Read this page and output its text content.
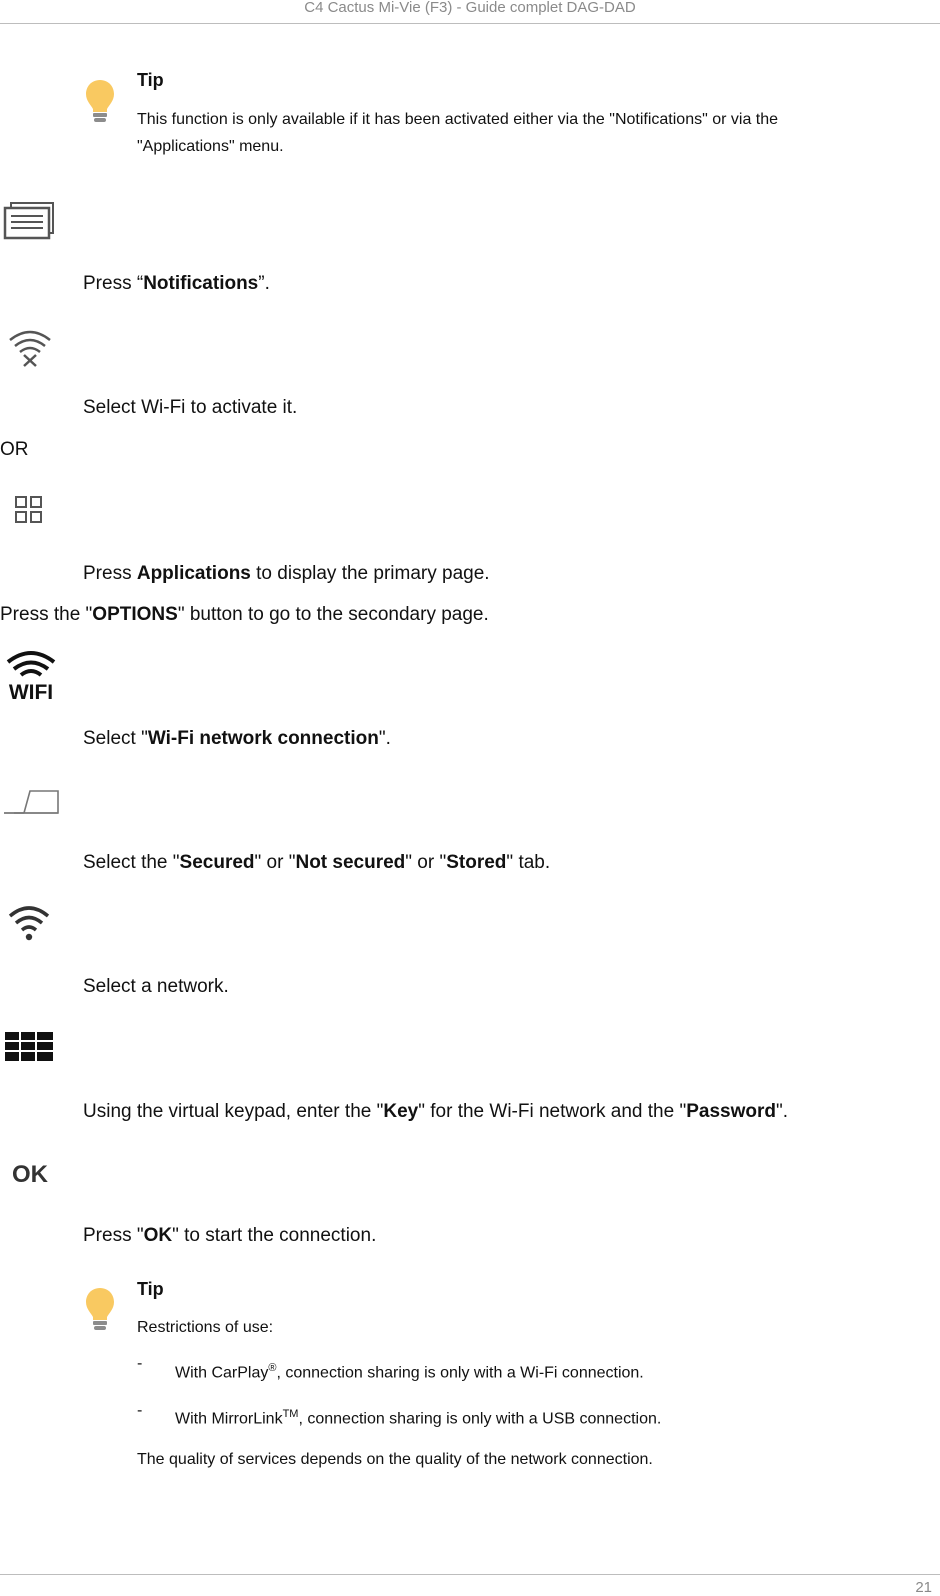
C4 Cactus Mi-Vie (F3) - Guide complet DAG-DAD
Tip
This function is only available if it has been activated either via the "Notifications" or via the "Applications" menu.
Press “Notifications”.
Select Wi-Fi to activate it.
OR
Press Applications to display the primary page.
Press the "OPTIONS" button to go to the secondary page.
WIFI
Select "Wi-Fi network connection".
Select the "Secured" or "Not secured" or "Stored" tab.
Select a network.
Using the virtual keypad, enter the "Key" for the Wi-Fi network and the "Password".
OK
Press "OK" to start the connection.
Tip
Restrictions of use:
-
With CarPlay®, connection sharing is only with a Wi-Fi connection.
- With MirrorLink™, connection sharing is only with a USB connection.
The quality of services depends on the quality of the network connection.
21
